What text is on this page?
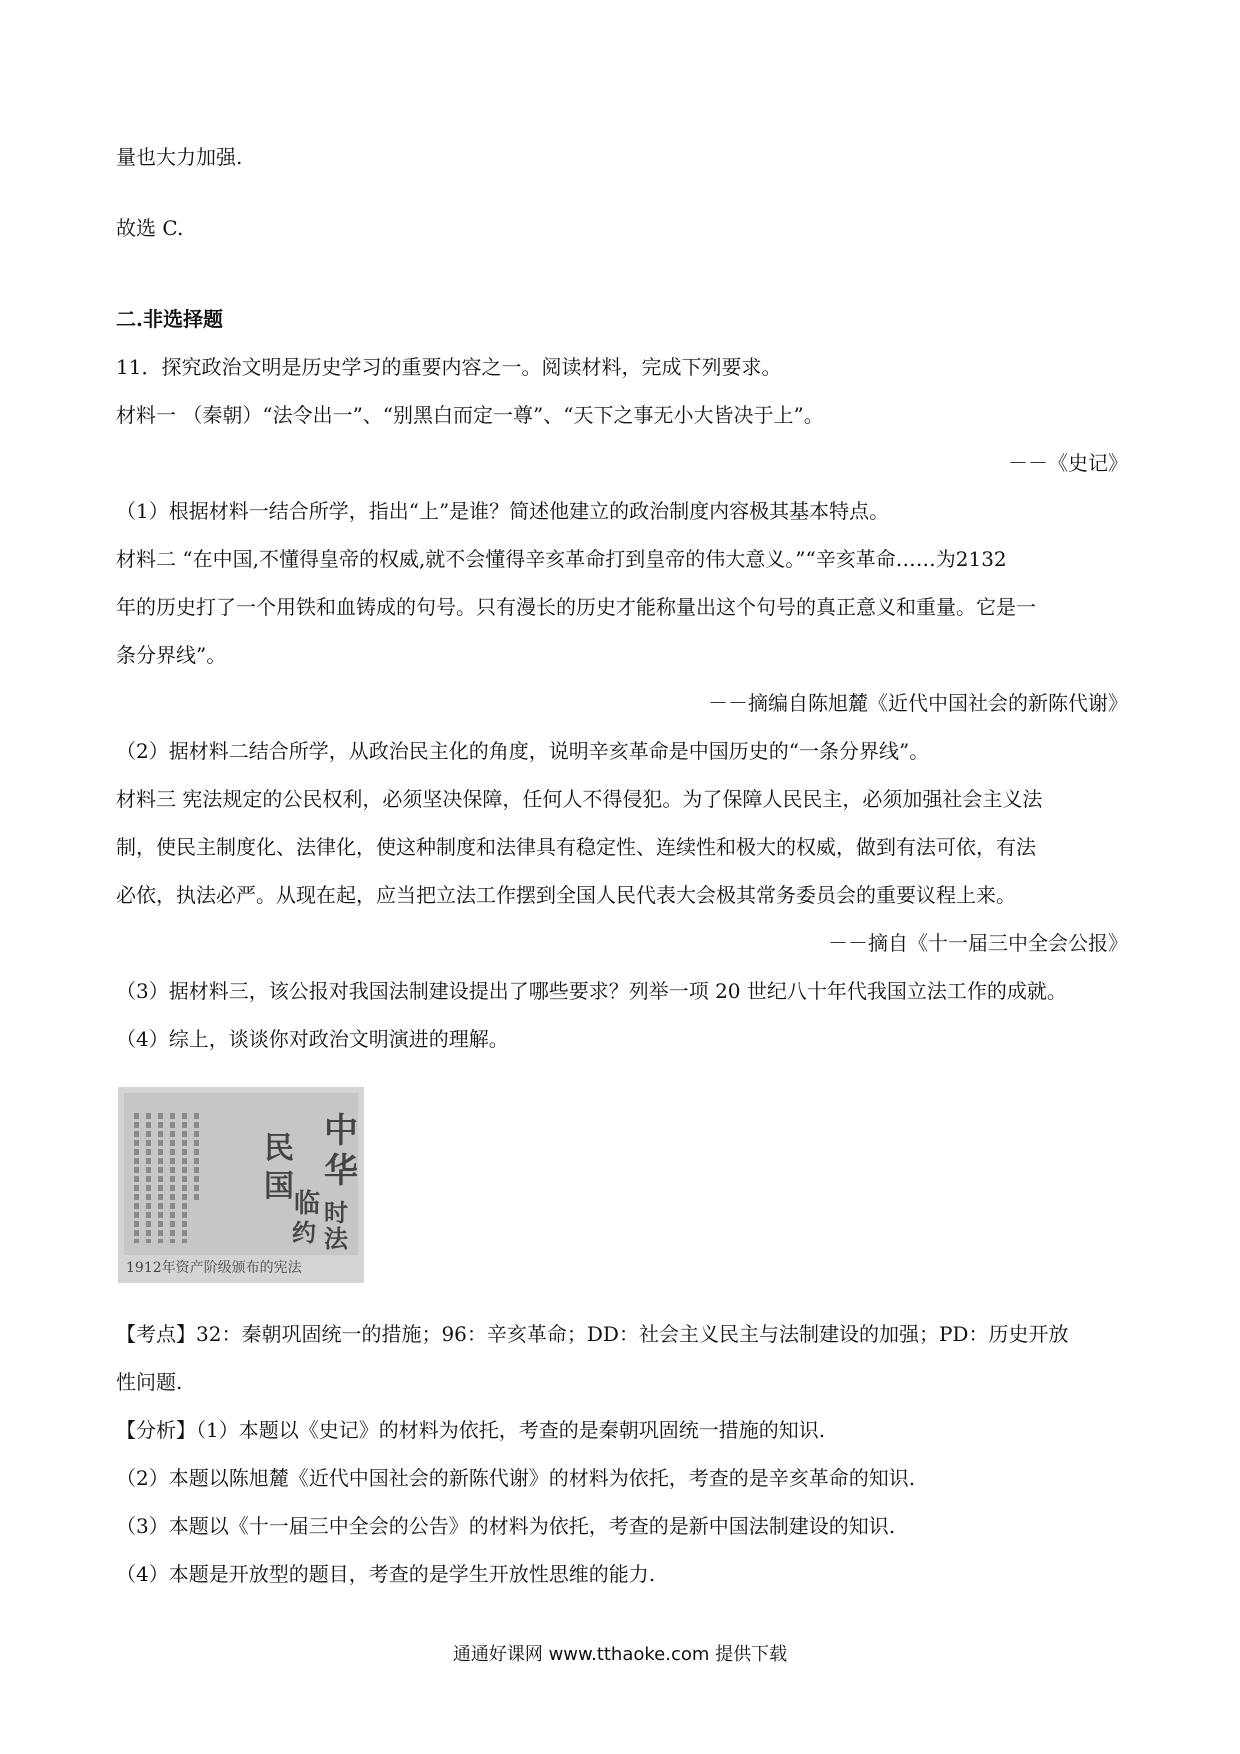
量也大力加强.
故选 C.
二.非选择题
11．探究政治文明是历史学习的重要内容之一。阅读材料，完成下列要求。
材料一 （秦朝）“法令出一”、“别黑白而定一尊”、“天下之事无小大皆决于上”。
－－《史记》
（1）根据材料一结合所学，指出“上”是谁？简述他建立的政治制度内容极其基本特点。
材料二 “在中国,不懂得皇帝的权威,就不会懂得辛亥革命打到皇帝的伟大意义。”“辛亥革命……为2132
年的历史打了一个用铁和血铸成的句号。只有漫长的历史才能称量出这个句号的真正意义和重量。它是一
条分界线”。
－－摘编自陈旭麓《近代中国社会的新陈代谢》
（2）据材料二结合所学，从政治民主化的角度，说明辛亥革命是中国历史的“一条分界线”。
材料三 宪法规定的公民权利，必须坚决保障，任何人不得侵犯。为了保障人民民主，必须加强社会主义法
制，使民主制度化、法律化，使这种制度和法律具有稳定性、连续性和极大的权威，做到有法可依，有法
必依，执法必严。从现在起，应当把立法工作摆到全国人民代表大会极其常务委员会的重要议程上来。
－－摘自《十一届三中全会公报》
（3）据材料三，该公报对我国法制建设提出了哪些要求？列举一项 20 世纪八十年代我国立法工作的成就。
（4）综上，谈谈你对政治文明演进的理解。
中
华
民
国 临 时
约 法
1912年资产阶级颁布的宪法
【考点】32：秦朝巩固统一的措施；96：辛亥革命；DD：社会主义民主与法制建设的加强；PD：历史开放
性问题.
【分析】（1）本题以《史记》的材料为依托，考查的是秦朝巩固统一措施的知识.
（2）本题以陈旭麓《近代中国社会的新陈代谢》的材料为依托，考查的是辛亥革命的知识.
（3）本题以《十一届三中全会的公告》的材料为依托，考查的是新中国法制建设的知识.
（4）本题是开放型的题目，考查的是学生开放性思维的能力.
通通好课网 www.tthaoke.com 提供下载
